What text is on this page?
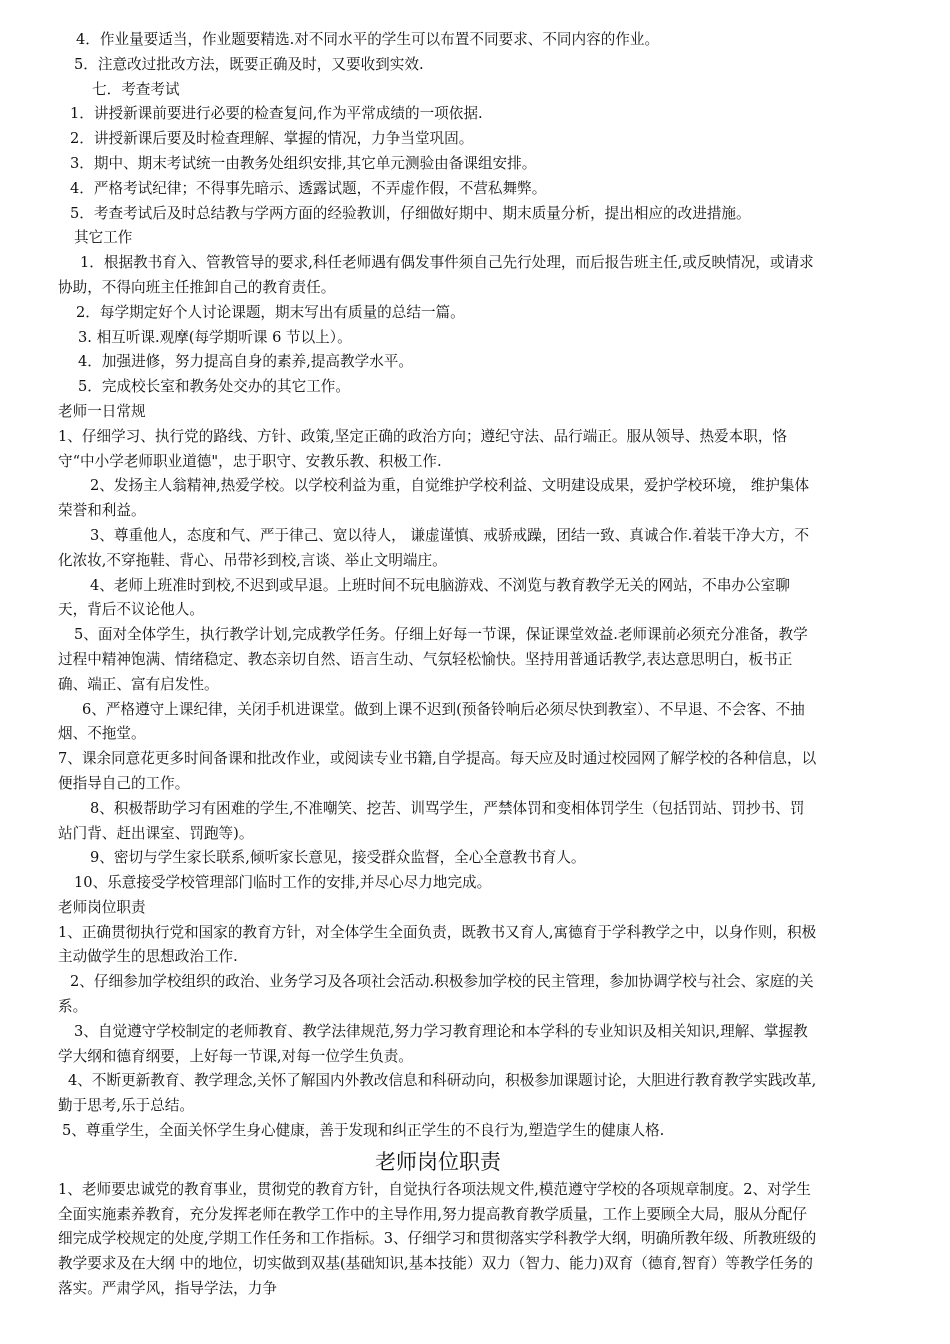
4．作业量要适当，作业题要精选.对不同水平的学生可以布置不同要求、不同内容的作业。

5．注意改过批改方法，既要正确及时，又要收到实效.

七．考查考试

1．讲授新课前要进行必要的检查复问,作为平常成绩的一项依据.

2．讲授新课后要及时检查理解、掌握的情况，力争当堂巩固。

3．期中、期末考试统一由教务处组织安排,其它单元测验由备课组安排。

4．严格考试纪律；不得事先暗示、透露试题，不弄虚作假，不营私舞弊。

5．考查考试后及时总结教与学两方面的经验教训，仔细做好期中、期末质量分析，提出相应的改进措施。

其它工作

1．根据教书育入、管教管导的要求,科任老师遇有偶发事件须自己先行处理，而后报告班主任,或反映情况，或请求协助，不得向班主任推卸自己的教育责任。

2．每学期定好个人讨论课题，期末写出有质量的总结一篇。

3. 相互听课.观摩(每学期听课 6 节以上）。

4．加强进修，努力提高自身的素养,提高教学水平。

5．完成校长室和教务处交办的其它工作。

老师一日常规

1、仔细学习、执行党的路线、方针、政策,坚定正确的政治方向；遵纪守法、品行端正。服从领导、热爱本职，恪守“中小学老师职业道德"，忠于职守、安教乐教、积极工作.

2、发扬主人翁精神,热爱学校。以学校利益为重，自觉维护学校利益、文明建设成果，爱护学校环境， 维护集体荣誉和利益。

3、尊重他人，态度和气、严于律己、宽以待人， 谦虚谨慎、戒骄戒躁，团结一致、真诚合作.着装干净大方，不化浓妆,不穿拖鞋、背心、吊带衫到校,言谈、举止文明端庄。

4、老师上班准时到校,不迟到或早退。上班时间不玩电脑游戏、不浏览与教育教学无关的网站，不串办公室聊天，背后不议论他人。

5、面对全体学生，执行教学计划,完成教学任务。仔细上好每一节课，保证课堂效益.老师课前必须充分准备，教学过程中精神饱满、情绪稳定、教态亲切自然、语言生动、气氛轻松愉快。坚持用普通话教学,表达意思明白，板书正确、端正、富有启发性。

6、严格遵守上课纪律，关闭手机进课堂。做到上课不迟到(预备铃响后必须尽快到教室）、不早退、不会客、不抽烟、不拖堂。

7、课余同意花更多时间备课和批改作业，或阅读专业书籍,自学提高。每天应及时通过校园网了解学校的各种信息，以便指导自己的工作。

8、积极帮助学习有困难的学生,不准嘲笑、挖苦、训骂学生，严禁体罚和变相体罚学生（包括罚站、罚抄书、罚站门背、赶出课室、罚跑等)。

9、密切与学生家长联系,倾听家长意见，接受群众监督，全心全意教书育人。

10、乐意接受学校管理部门临时工作的安排,并尽心尽力地完成。

老师岗位职责

1、正确贯彻执行党和国家的教育方针，对全体学生全面负责，既教书又育人,寓德育于学科教学之中，以身作则，积极主动做学生的思想政治工作.

2、仔细参加学校组织的政治、业务学习及各项社会活动.积极参加学校的民主管理，参加协调学校与社会、家庭的关系。

3、自觉遵守学校制定的老师教育、教学法律规范,努力学习教育理论和本学科的专业知识及相关知识,理解、掌握教学大纲和德育纲要，上好每一节课,对每一位学生负责。

4、不断更新教育、教学理念,关怀了解国内外教改信息和科研动向，积极参加课题讨论，大胆进行教育教学实践改革,勤于思考,乐于总结。

5、尊重学生，全面关怀学生身心健康，善于发现和纠正学生的不良行为,塑造学生的健康人格.

老师岗位职责

1、老师要忠诚党的教育事业，贯彻党的教育方针，自觉执行各项法规文件,模范遵守学校的各项规章制度。2、对学生全面实施素养教育，充分发挥老师在教学工作中的主导作用,努力提高教育教学质量，工作上要顾全大局，服从分配仔细完成学校规定的处度,学期工作任务和工作指标。3、仔细学习和贯彻落实学科教学大纲，明确所教年级、所教班级的教学要求及在大纲 中的地位，切实做到双基(基础知识,基本技能）双力（智力、能力)双育（德育,智育）等教学任务的落实。严肃学风，指导学法，力争
